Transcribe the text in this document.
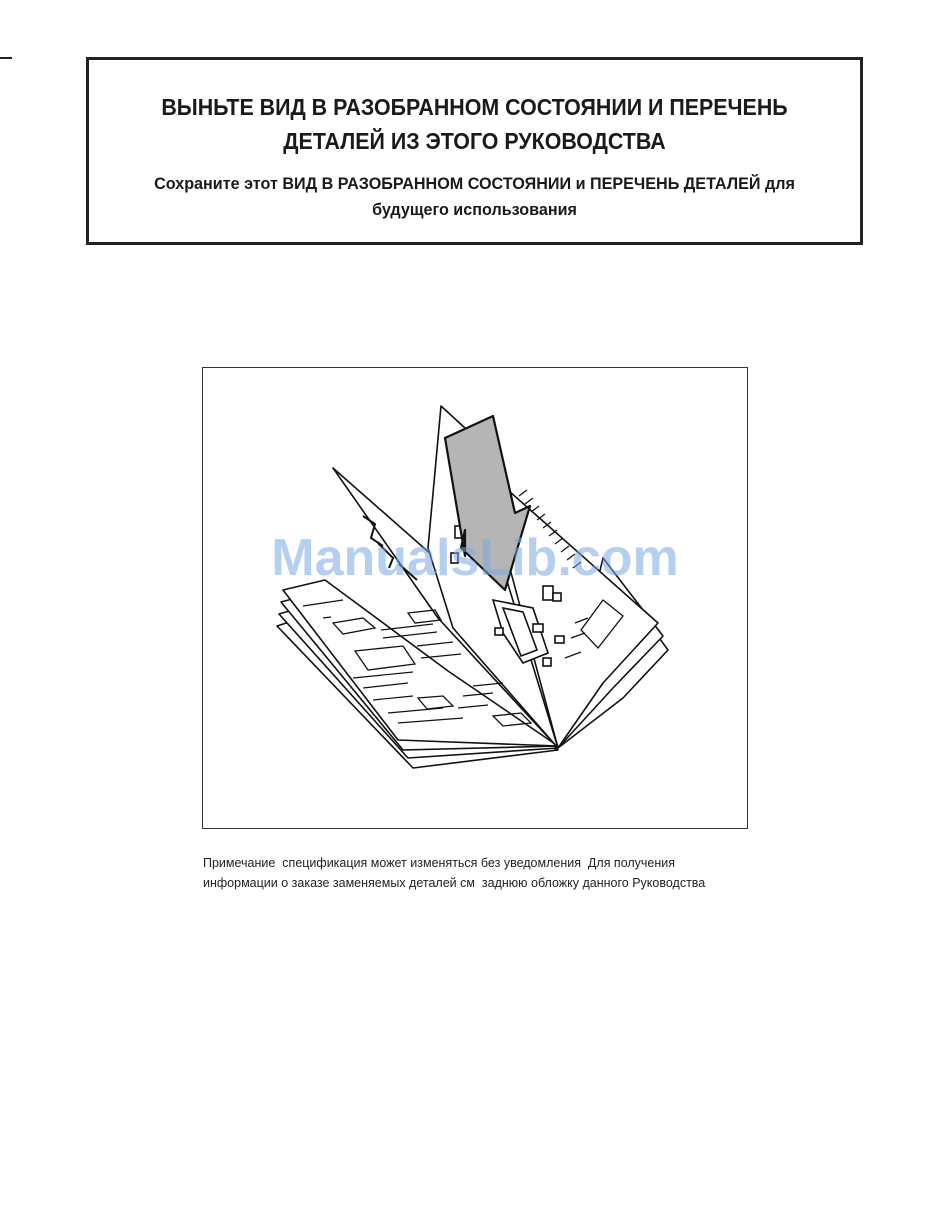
ВЫНЬТЕ ВИД В РАЗОБРАННОМ СОСТОЯНИИ И ПЕРЕЧЕНЬ
ДЕТАЛЕЙ ИЗ ЭТОГО РУКОВОДСТВА
Сохраните этот ВИД В РАЗОБРАННОМ СОСТОЯНИИ и ПЕРЕЧЕНЬ ДЕТАЛЕЙ для
будущего использования
ManualsLib.com
Примечание  спецификация может изменяться без уведомления  Для получения
информации о заказе заменяемых деталей см  заднюю обложку данного Руководства
